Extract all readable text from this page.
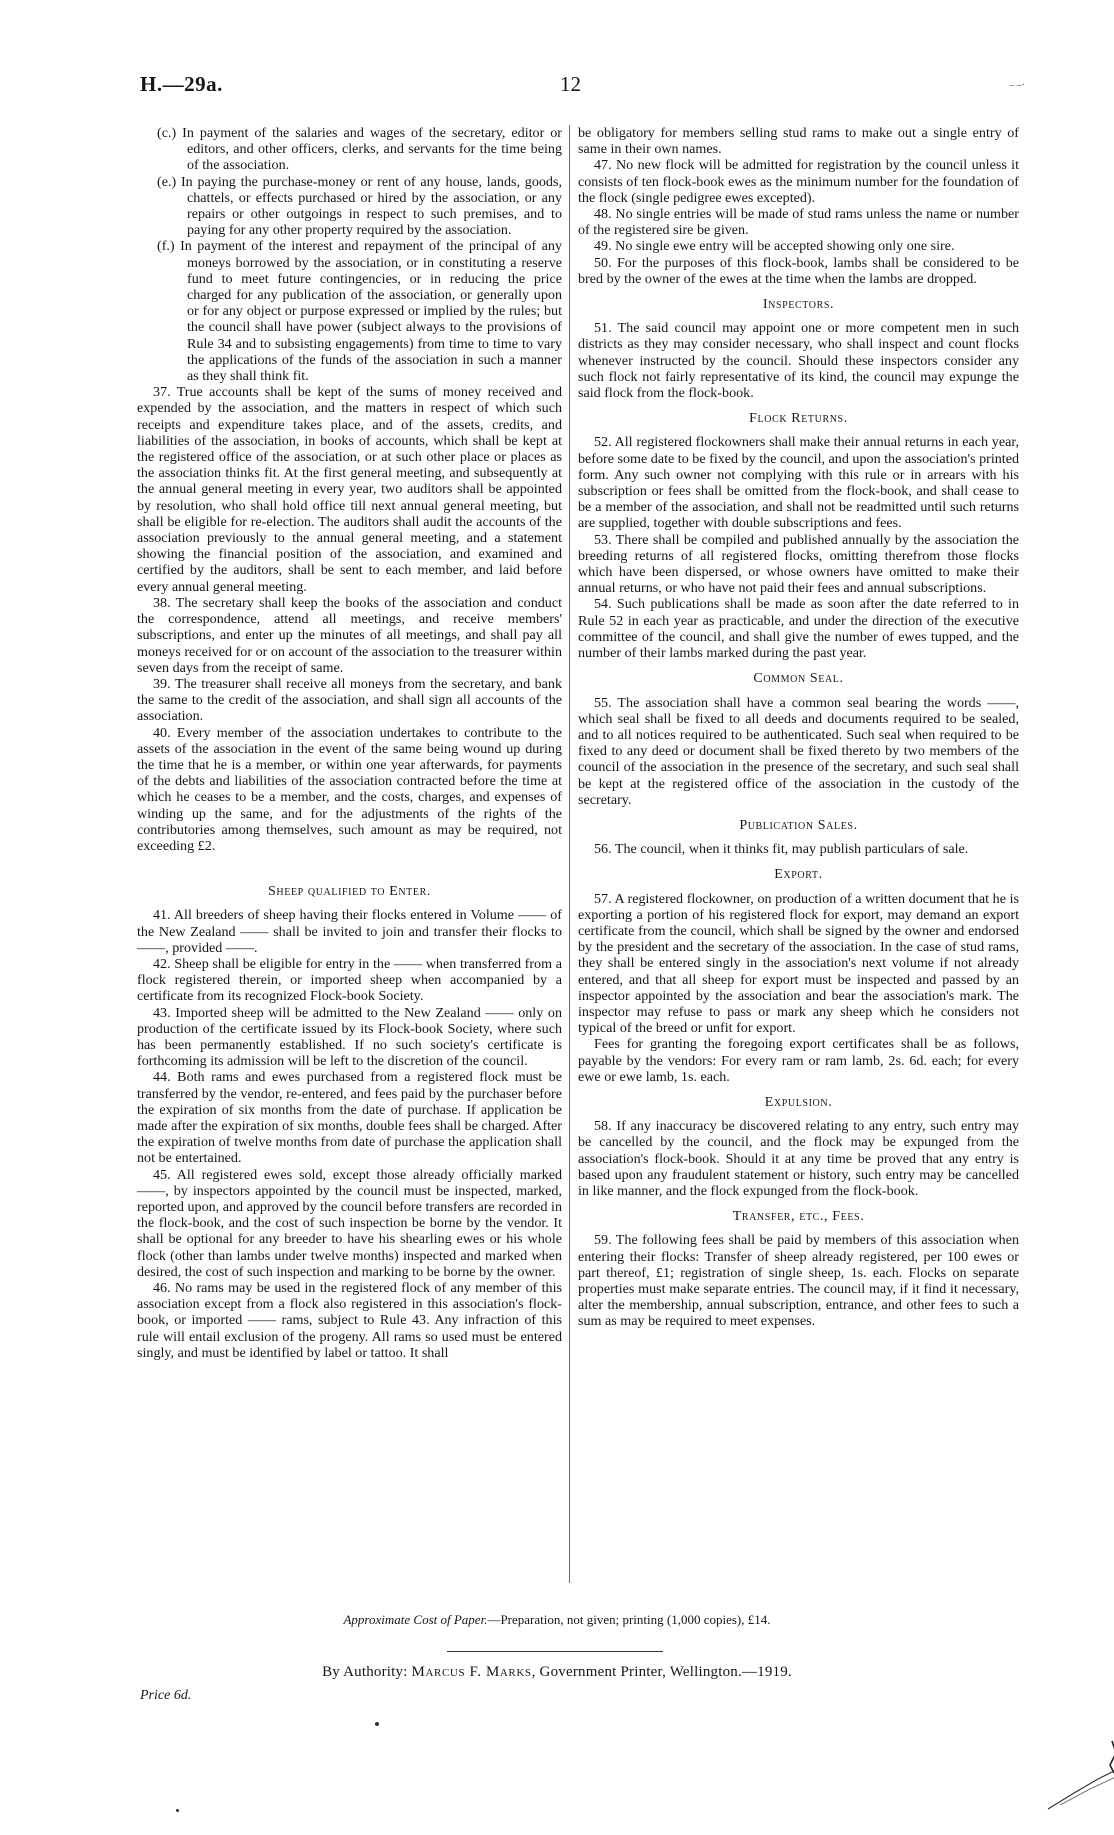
H.—29a.	12	– –·

(c.) In payment of the salaries and wages of the secretary, editor or editors, and other officers, clerks, and servants for the time being of the association.

(e.) In paying the purchase-money or rent of any house, lands, goods, chattels, or effects purchased or hired by the association, or any repairs or other outgoings in respect to such premises, and to paying for any other property required by the association.

(f.) In payment of the interest and repayment of the principal of any moneys borrowed by the association, or in constituting a reserve fund to meet future contingencies, or in reducing the price charged for any publication of the association, or generally upon or for any object or purpose expressed or implied by the rules; but the council shall have power (subject always to the provisions of Rule 34 and to subsisting engagements) from time to time to vary the applications of the funds of the association in such a manner as they shall think fit.

37. True accounts shall be kept of the sums of money received and expended by the association, and the matters in respect of which such receipts and expenditure takes place, and of the assets, credits, and liabilities of the association, in books of accounts, which shall be kept at the registered office of the association, or at such other place or places as the association thinks fit. At the first general meeting, and subsequently at the annual general meeting in every year, two auditors shall be appointed by resolution, who shall hold office till next annual general meeting, but shall be eligible for re-election. The auditors shall audit the accounts of the association previously to the annual general meeting, and a statement showing the financial position of the association, and examined and certified by the auditors, shall be sent to each member, and laid before every annual general meeting.

38. The secretary shall keep the books of the association and conduct the correspondence, attend all meetings, and receive members' subscriptions, and enter up the minutes of all meetings, and shall pay all moneys received for or on account of the association to the treasurer within seven days from the receipt of same.

39. The treasurer shall receive all moneys from the secretary, and bank the same to the credit of the association, and shall sign all accounts of the association.

40. Every member of the association undertakes to contribute to the assets of the association in the event of the same being wound up during the time that he is a member, or within one year afterwards, for payments of the debts and liabilities of the association contracted before the time at which he ceases to be a member, and the costs, charges, and expenses of winding up the same, and for the adjustments of the rights of the contributories among themselves, such amount as may be required, not exceeding £2.

Sheep qualified to Enter.

41. All breeders of sheep having their flocks entered in Volume —— of the New Zealand —— shall be invited to join and transfer their flocks to ——, provided ——.

42. Sheep shall be eligible for entry in the —— when transferred from a flock registered therein, or imported sheep when accompanied by a certificate from its recognized Flock-book Society.

43. Imported sheep will be admitted to the New Zealand —— only on production of the certificate issued by its Flock-book Society, where such has been permanently established. If no such society's certificate is forthcoming its admission will be left to the discretion of the council.

44. Both rams and ewes purchased from a registered flock must be transferred by the vendor, re-entered, and fees paid by the purchaser before the expiration of six months from the date of purchase. If application be made after the expiration of six months, double fees shall be charged. After the expiration of twelve months from date of purchase the application shall not be entertained.

45. All registered ewes sold, except those already officially marked ——, by inspectors appointed by the council must be inspected, marked, reported upon, and approved by the council before transfers are recorded in the flock-book, and the cost of such inspection be borne by the vendor. It shall be optional for any breeder to have his shearling ewes or his whole flock (other than lambs under twelve months) inspected and marked when desired, the cost of such inspection and marking to be borne by the owner.

46. No rams may be used in the registered flock of any member of this association except from a flock also registered in this association's flock-book, or imported —— rams, subject to Rule 43. Any infraction of this rule will entail exclusion of the progeny. All rams so used must be entered singly, and must be identified by label or tattoo. It shall

be obligatory for members selling stud rams to make out a single entry of same in their own names.

47. No new flock will be admitted for registration by the council unless it consists of ten flock-book ewes as the minimum number for the foundation of the flock (single pedigree ewes excepted).

48. No single entries will be made of stud rams unless the name or number of the registered sire be given.

49. No single ewe entry will be accepted showing only one sire.

50. For the purposes of this flock-book, lambs shall be considered to be bred by the owner of the ewes at the time when the lambs are dropped.

Inspectors.

51. The said council may appoint one or more competent men in such districts as they may consider necessary, who shall inspect and count flocks whenever instructed by the council. Should these inspectors consider any such flock not fairly representative of its kind, the council may expunge the said flock from the flock-book.

Flock Returns.

52. All registered flockowners shall make their annual returns in each year, before some date to be fixed by the council, and upon the association's printed form. Any such owner not complying with this rule or in arrears with his subscription or fees shall be omitted from the flock-book, and shall cease to be a member of the association, and shall not be readmitted until such returns are supplied, together with double subscriptions and fees.

53. There shall be compiled and published annually by the association the breeding returns of all registered flocks, omitting therefrom those flocks which have been dispersed, or whose owners have omitted to make their annual returns, or who have not paid their fees and annual subscriptions.

54. Such publications shall be made as soon after the date referred to in Rule 52 in each year as practicable, and under the direction of the executive committee of the council, and shall give the number of ewes tupped, and the number of their lambs marked during the past year.

Common Seal.

55. The association shall have a common seal bearing the words ——, which seal shall be fixed to all deeds and documents required to be sealed, and to all notices required to be authenticated. Such seal when required to be fixed to any deed or document shall be fixed thereto by two members of the council of the association in the presence of the secretary, and such seal shall be kept at the registered office of the association in the custody of the secretary.

Publication Sales.

56. The council, when it thinks fit, may publish particulars of sale.

Export.

57. A registered flockowner, on production of a written document that he is exporting a portion of his registered flock for export, may demand an export certificate from the council, which shall be signed by the owner and endorsed by the president and the secretary of the association. In the case of stud rams, they shall be entered singly in the association's next volume if not already entered, and that all sheep for export must be inspected and passed by an inspector appointed by the association and bear the association's mark. The inspector may refuse to pass or mark any sheep which he considers not typical of the breed or unfit for export.

Fees for granting the foregoing export certificates shall be as follows, payable by the vendors: For every ram or ram lamb, 2s. 6d. each; for every ewe or ewe lamb, 1s. each.

Expulsion.

58. If any inaccuracy be discovered relating to any entry, such entry may be cancelled by the council, and the flock may be expunged from the association's flock-book. Should it at any time be proved that any entry is based upon any fraudulent statement or history, such entry may be cancelled in like manner, and the flock expunged from the flock-book.

Transfer, etc., Fees.

59. The following fees shall be paid by members of this association when entering their flocks: Transfer of sheep already registered, per 100 ewes or part thereof, £1; registration of single sheep, 1s. each. Flocks on separate properties must make separate entries. The council may, if it find it necessary, alter the membership, annual subscription, entrance, and other fees to such a sum as may be required to meet expenses.

Approximate Cost of Paper.—Preparation, not given; printing (1,000 copies), £14.
By Authority: Marcus F. Marks, Government Printer, Wellington.—1919.
Price 6d.
